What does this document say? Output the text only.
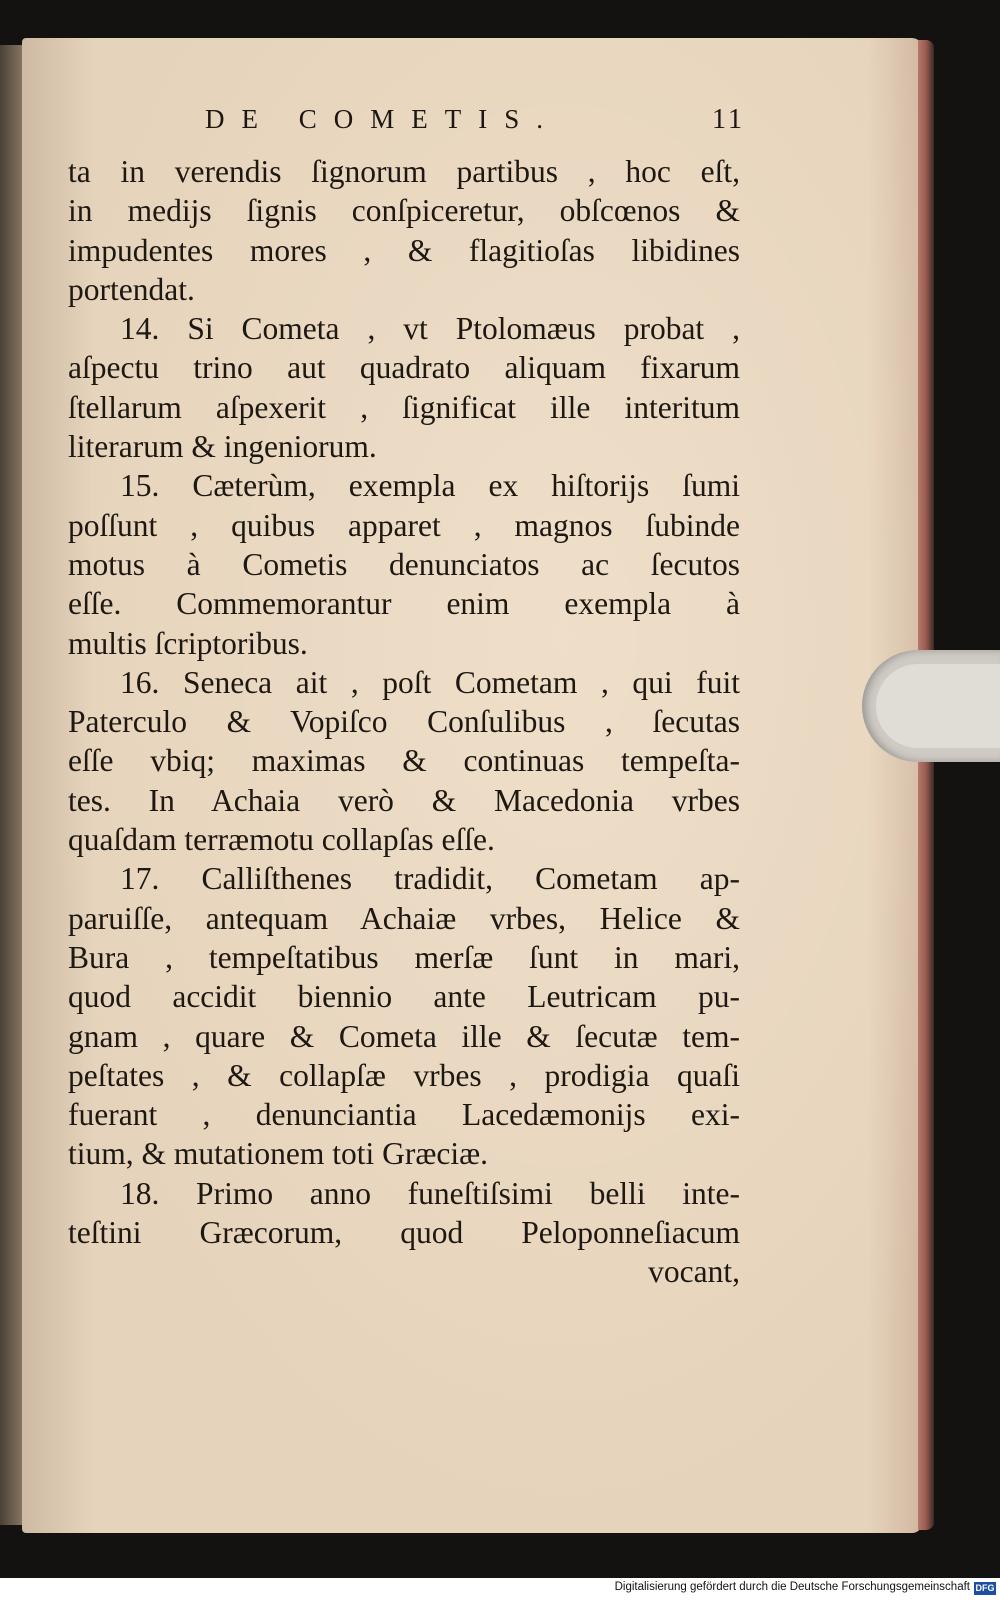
DE COMETIS.	11
ta in verendis ſignorum partibus , hoc eſt,
in medijs ſignis conſpiceretur, obſcœnos &
impudentes mores , & flagitioſas libidines
portendat.
14. Si Cometa , vt Ptolomæus probat ,
aſpectu trino aut quadrato aliquam fixarum
ſtellarum aſpexerit , ſignificat ille interitum
literarum & ingeniorum.
15. Cæterùm, exempla ex hiſtorijs ſumi
poſſunt , quibus apparet , magnos ſubinde
motus à Cometis denunciatos ac ſecutos
eſſe. Commemorantur enim exempla à
multis ſcriptoribus.
16. Seneca ait , poſt Cometam , qui fuit
Paterculo & Vopiſco Conſulibus , ſecutas
eſſe vbiq; maximas & continuas tempeſta-
tes. In Achaia verò & Macedonia vrbes
quaſdam terræmotu collapſas eſſe.
17. Calliſthenes tradidit, Cometam ap-
paruiſſe, antequam Achaiæ vrbes, Helice &
Bura , tempeſtatibus merſæ ſunt in mari,
quod accidit biennio ante Leutricam pu-
gnam , quare & Cometa ille & ſecutæ tem-
peſtates , & collapſæ vrbes , prodigia quaſi
fuerant , denunciantia Lacedæmonijs exi-
tium, & mutationem toti Græciæ.
18. Primo anno funeſtiſsimi belli inte-
teſtini Græcorum, quod Peloponneſiacum
vocant,
Digitalisierung gefördert durch die Deutsche Forschungsgemeinschaft DFG
